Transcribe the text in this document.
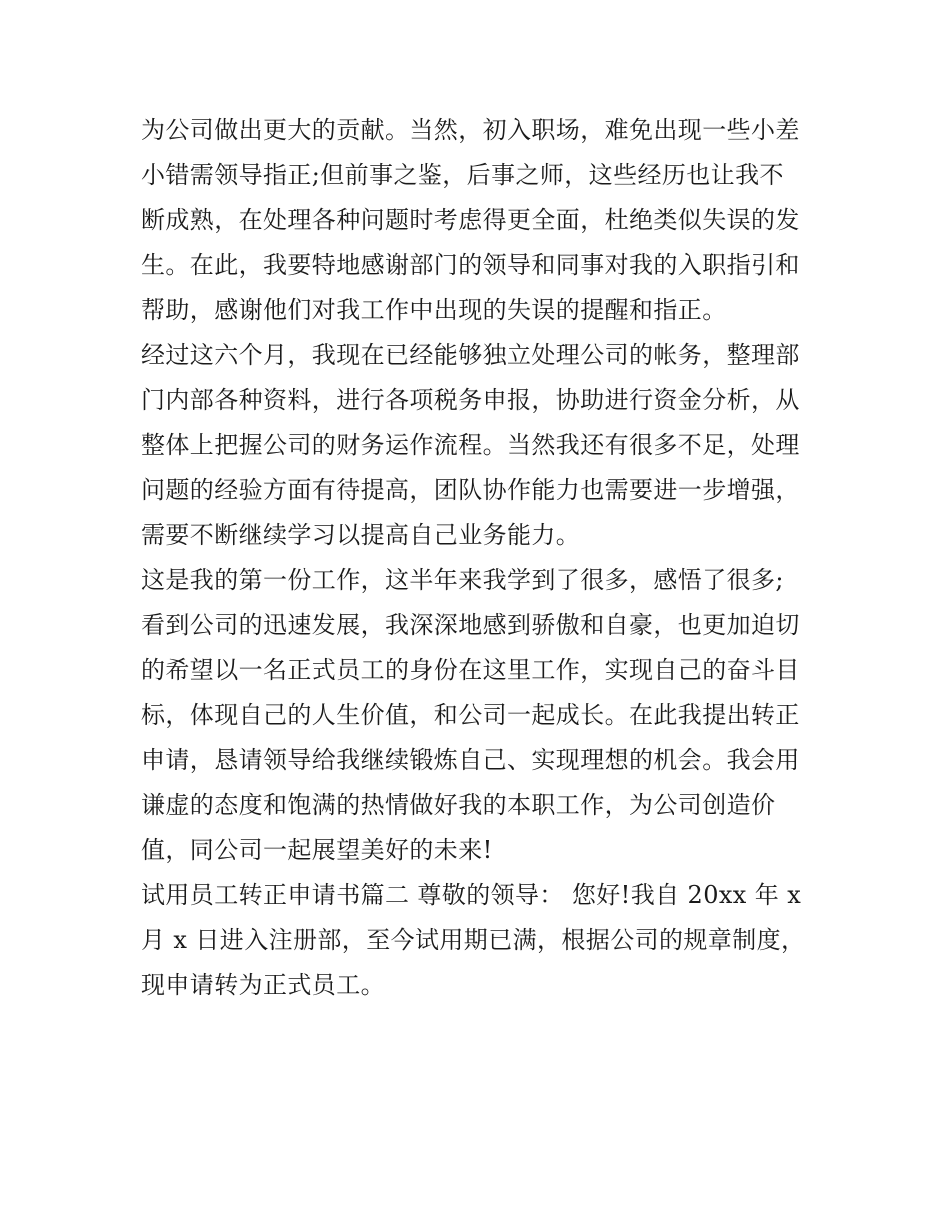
为公司做出更大的贡献。当然，初入职场，难免出现一些小差
小错需领导指正;但前事之鉴，后事之师，这些经历也让我不
断成熟，在处理各种问题时考虑得更全面，杜绝类似失误的发
生。在此，我要特地感谢部门的领导和同事对我的入职指引和
帮助，感谢他们对我工作中出现的失误的提醒和指正。
经过这六个月，我现在已经能够独立处理公司的帐务，整理部
门内部各种资料，进行各项税务申报，协助进行资金分析，从
整体上把握公司的财务运作流程。当然我还有很多不足，处理
问题的经验方面有待提高，团队协作能力也需要进一步增强，
需要不断继续学习以提高自己业务能力。
这是我的第一份工作，这半年来我学到了很多，感悟了很多;
看到公司的迅速发展，我深深地感到骄傲和自豪，也更加迫切
的希望以一名正式员工的身份在这里工作，实现自己的奋斗目
标，体现自己的人生价值，和公司一起成长。在此我提出转正
申请，恳请领导给我继续锻炼自己、实现理想的机会。我会用
谦虚的态度和饱满的热情做好我的本职工作，为公司创造价
值，同公司一起展望美好的未来!
试用员工转正申请书篇二 尊敬的领导： 您好!我自 20xx 年 x
月 x 日进入注册部，至今试用期已满，根据公司的规章制度，
现申请转为正式员工。
